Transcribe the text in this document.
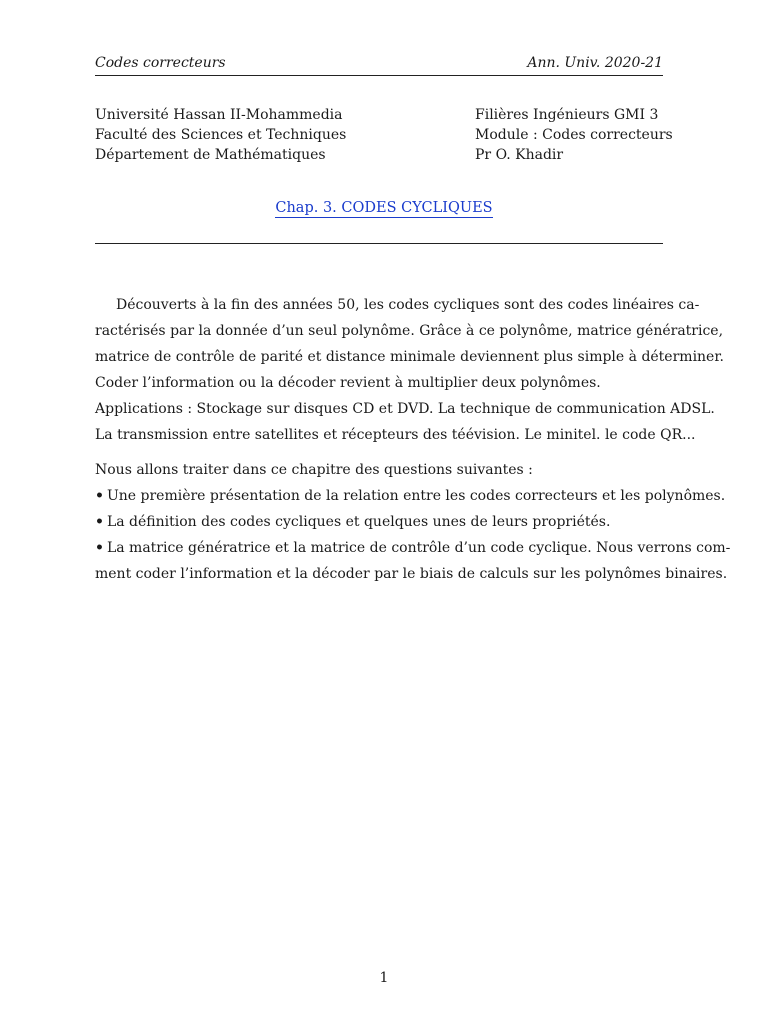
Codes correcteurs	Ann. Univ. 2020-21
Université Hassan II-Mohammedia
Faculté des Sciences et Techniques
Département de Mathématiques
Filières Ingénieurs GMI 3
Module : Codes correcteurs
Pr O. Khadir
Chap. 3. CODES CYCLIQUES
Découverts à la fin des années 50, les codes cycliques sont des codes linéaires ca-
ractérisés par la donnée d’un seul polynôme. Grâce à ce polynôme, matrice génératrice,
matrice de contrôle de parité et distance minimale deviennent plus simple à déterminer.
Coder l’information ou la décoder revient à multiplier deux polynômes.
Applications : Stockage sur disques CD et DVD. La technique de communication ADSL.
La transmission entre satellites et récepteurs des téévision. Le minitel. le code QR...
Nous allons traiter dans ce chapitre des questions suivantes :
• Une première présentation de la relation entre les codes correcteurs et les polynômes.
• La définition des codes cycliques et quelques unes de leurs propriétés.
• La matrice génératrice et la matrice de contrôle d’un code cyclique. Nous verrons com-
ment coder l’information et la décoder par le biais de calculs sur les polynômes binaires.
1
